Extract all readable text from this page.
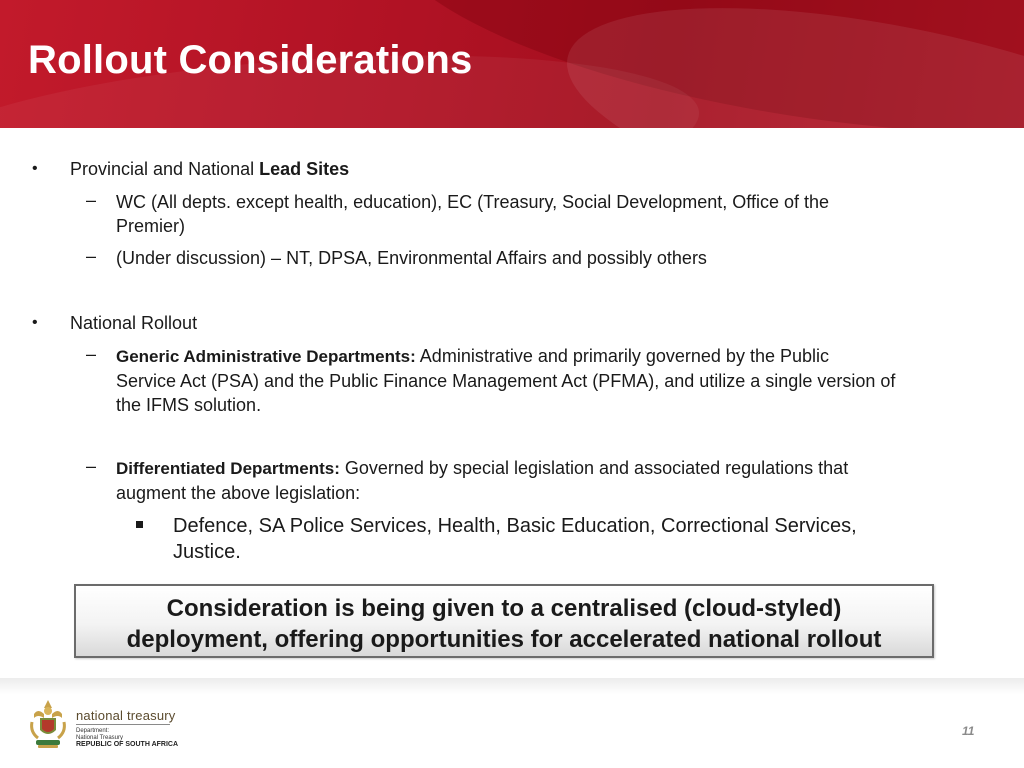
Rollout Considerations
• Provincial and National Lead Sites
– WC (All depts. except health, education), EC (Treasury, Social Development, Office of the
Premier)
– (Under discussion) – NT, DPSA, Environmental Affairs and possibly others
• National Rollout
– Generic Administrative Departments: Administrative and primarily governed by the Public
Service Act (PSA) and the Public Finance Management Act (PFMA), and utilize a single version of
the IFMS solution.
– Differentiated Departments: Governed by special legislation and associated regulations that
augment the above legislation:
Defence, SA Police Services, Health, Basic Education, Correctional Services,
Justice.
Consideration is being given to a centralised (cloud-styled)
deployment, offering opportunities for accelerated national rollout
national treasury
Department:
National Treasury
REPUBLIC OF SOUTH AFRICA
11
